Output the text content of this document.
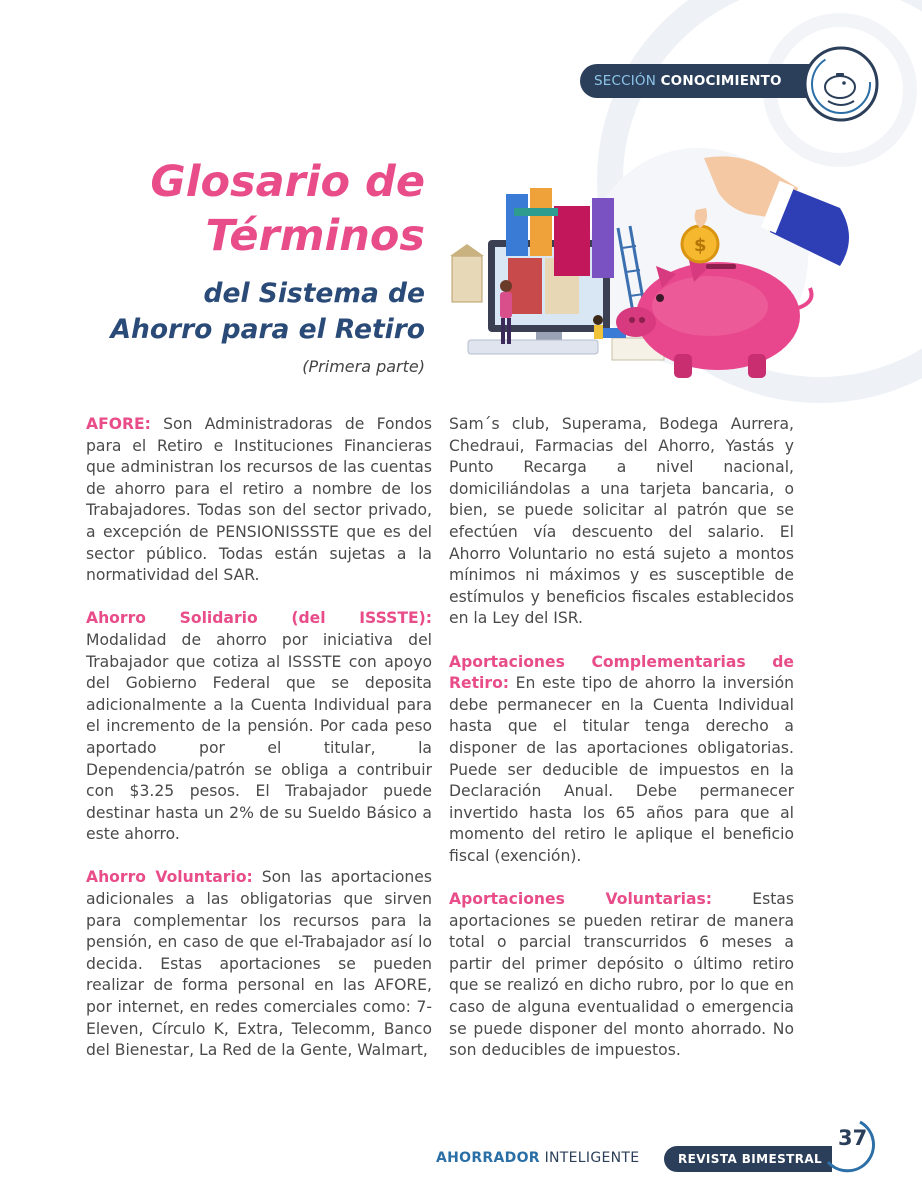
SECCIÓN CONOCIMIENTO
Glosario de
Términos
del Sistema de
Ahorro para el Retiro
(Primera parte)
$

AFORE: Son Administradoras de Fondos para el Retiro e Instituciones Financieras que administran los recursos de las cuentas de ahorro para el retiro a nombre de los Trabajadores. Todas son del sector privado, a excepción de PENSIONISSSTE que es del sector público. Todas están sujetas a la normatividad del SAR.

Ahorro Solidario (del ISSSTE): Modalidad de ahorro por iniciativa del Trabajador que cotiza al ISSSTE con apoyo del Gobierno Federal que se deposita adicionalmente a la Cuenta Individual para el incremento de la pensión. Por cada peso aportado por el titular, la Dependencia/patrón se obliga a contribuir con $3.25 pesos. El Trabajador puede destinar hasta un 2% de su Sueldo Básico a este ahorro.

Ahorro Voluntario: Son las aportaciones adicionales a las obligatorias que sirven para complementar los recursos para la pensión, en caso de que el-Trabajador así lo decida. Estas aportaciones se pueden realizar de forma personal en las AFORE, por internet, en redes comerciales como: 7-Eleven, Círculo K, Extra, Telecomm, Banco del Bienestar, La Red de la Gente, Walmart,

Sam´s club, Superama, Bodega Aurrera, Chedraui, Farmacias del Ahorro, Yastás y Punto Recarga a nivel nacional, domiciliándolas a una tarjeta bancaria, o bien, se puede solicitar al patrón que se efectúen vía descuento del salario. El Ahorro Voluntario no está sujeto a montos mínimos ni máximos y es susceptible de estímulos y beneficios fiscales establecidos en la Ley del ISR.

Aportaciones Complementarias de Retiro: En este tipo de ahorro la inversión debe permanecer en la Cuenta Individual hasta que el titular tenga derecho a disponer de las aportaciones obligatorias. Puede ser deducible de impuestos en la Declaración Anual. Debe permanecer invertido hasta los 65 años para que al momento del retiro le aplique el beneficio fiscal (exención).

Aportaciones Voluntarias: Estas aportaciones se pueden retirar de manera total o parcial transcurridos 6 meses a partir del primer depósito o último retiro que se realizó en dicho rubro, por lo que en caso de alguna eventualidad o emergencia se puede disponer del monto ahorrado. No son deducibles de impuestos.

AHORRADOR INTELIGENTE	REVISTA BIMESTRAL
37
